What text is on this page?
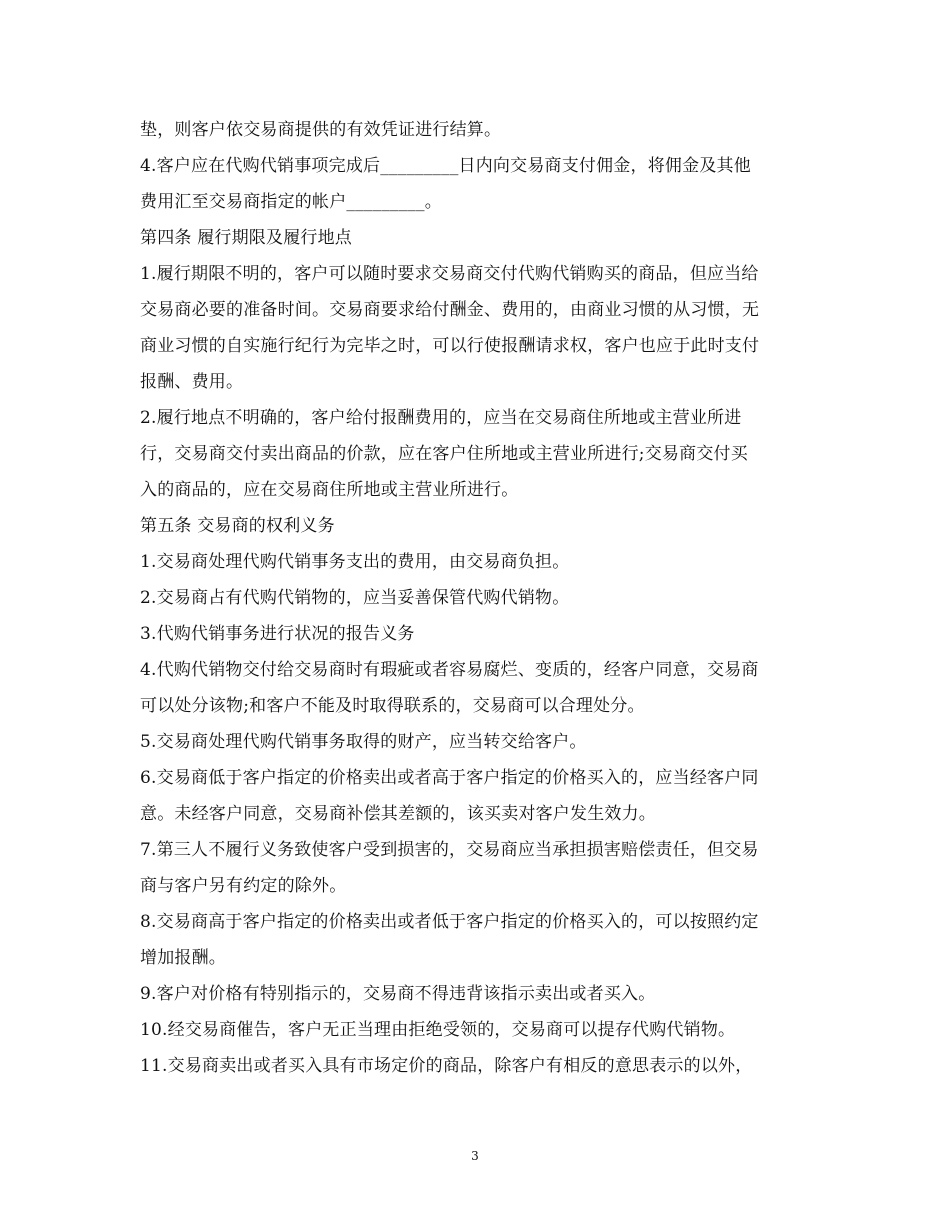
垫，则客户依交易商提供的有效凭证进行结算。
4.客户应在代购代销事项完成后_________日内向交易商支付佣金，将佣金及其他
费用汇至交易商指定的帐户_________。
第四条 履行期限及履行地点
1.履行期限不明的，客户可以随时要求交易商交付代购代销购买的商品，但应当给
交易商必要的准备时间。交易商要求给付酬金、费用的，由商业习惯的从习惯，无
商业习惯的自实施行纪行为完毕之时，可以行使报酬请求权，客户也应于此时支付
报酬、费用。
2.履行地点不明确的，客户给付报酬费用的，应当在交易商住所地或主营业所进
行，交易商交付卖出商品的价款，应在客户住所地或主营业所进行;交易商交付买
入的商品的，应在交易商住所地或主营业所进行。
第五条 交易商的权利义务
1.交易商处理代购代销事务支出的费用，由交易商负担。
2.交易商占有代购代销物的，应当妥善保管代购代销物。
3.代购代销事务进行状况的报告义务
4.代购代销物交付给交易商时有瑕疵或者容易腐烂、变质的，经客户同意，交易商
可以处分该物;和客户不能及时取得联系的，交易商可以合理处分。
5.交易商处理代购代销事务取得的财产，应当转交给客户。
6.交易商低于客户指定的价格卖出或者高于客户指定的价格买入的，应当经客户同
意。未经客户同意，交易商补偿其差额的，该买卖对客户发生效力。
7.第三人不履行义务致使客户受到损害的，交易商应当承担损害赔偿责任，但交易
商与客户另有约定的除外。
8.交易商高于客户指定的价格卖出或者低于客户指定的价格买入的，可以按照约定
增加报酬。
9.客户对价格有特别指示的，交易商不得违背该指示卖出或者买入。
10.经交易商催告，客户无正当理由拒绝受领的，交易商可以提存代购代销物。
11.交易商卖出或者买入具有市场定价的商品，除客户有相反的意思表示的以外，
3
